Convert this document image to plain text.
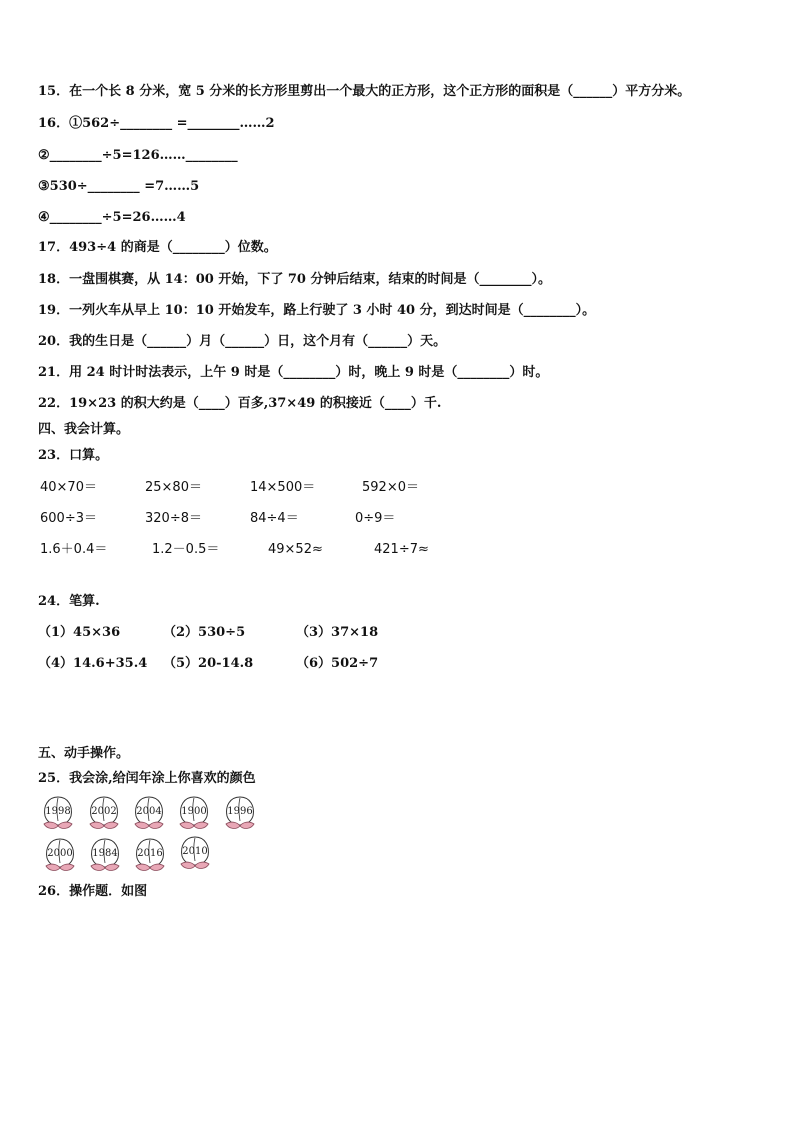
15．在一个长 8 分米，宽 5 分米的长方形里剪出一个最大的正方形，这个正方形的面积是（______）平方分米。
16．①562÷________ =________……2
②________÷5=126……________
③530÷________ =7……5
④________÷5=26……4
17．493÷4 的商是（________）位数。
18．一盘围棋赛，从 14：00 开始，下了 70 分钟后结束，结束的时间是（________）。
19．一列火车从早上 10：10 开始发车，路上行驶了 3 小时 40 分，到达时间是（________）。
20．我的生日是（______）月（______）日，这个月有（______）天。
21．用 24 时计时法表示，上午 9 时是（________）时，晚上 9 时是（________）时。
22．19×23 的积大约是（____）百多,37×49 的积接近（____）千.
四、我会计算。
23．口算。
40×70＝	25×80＝	14×500＝	592×0＝
600÷3＝	320÷8＝	84÷4＝	0÷9＝
1.6＋0.4＝	1.2－0.5＝	49×52≈	421÷7≈
24．笔算.
（1）45×36	（2）530÷5	（3）37×18
（4）14.6+35.4 （5）20-14.8	（6）502÷7
五、动手操作。
25．我会涂,给闰年涂上你喜欢的颜色
1998	2002	2004	1900	1996
2000	1984	2016	2010
26．操作题．如图
